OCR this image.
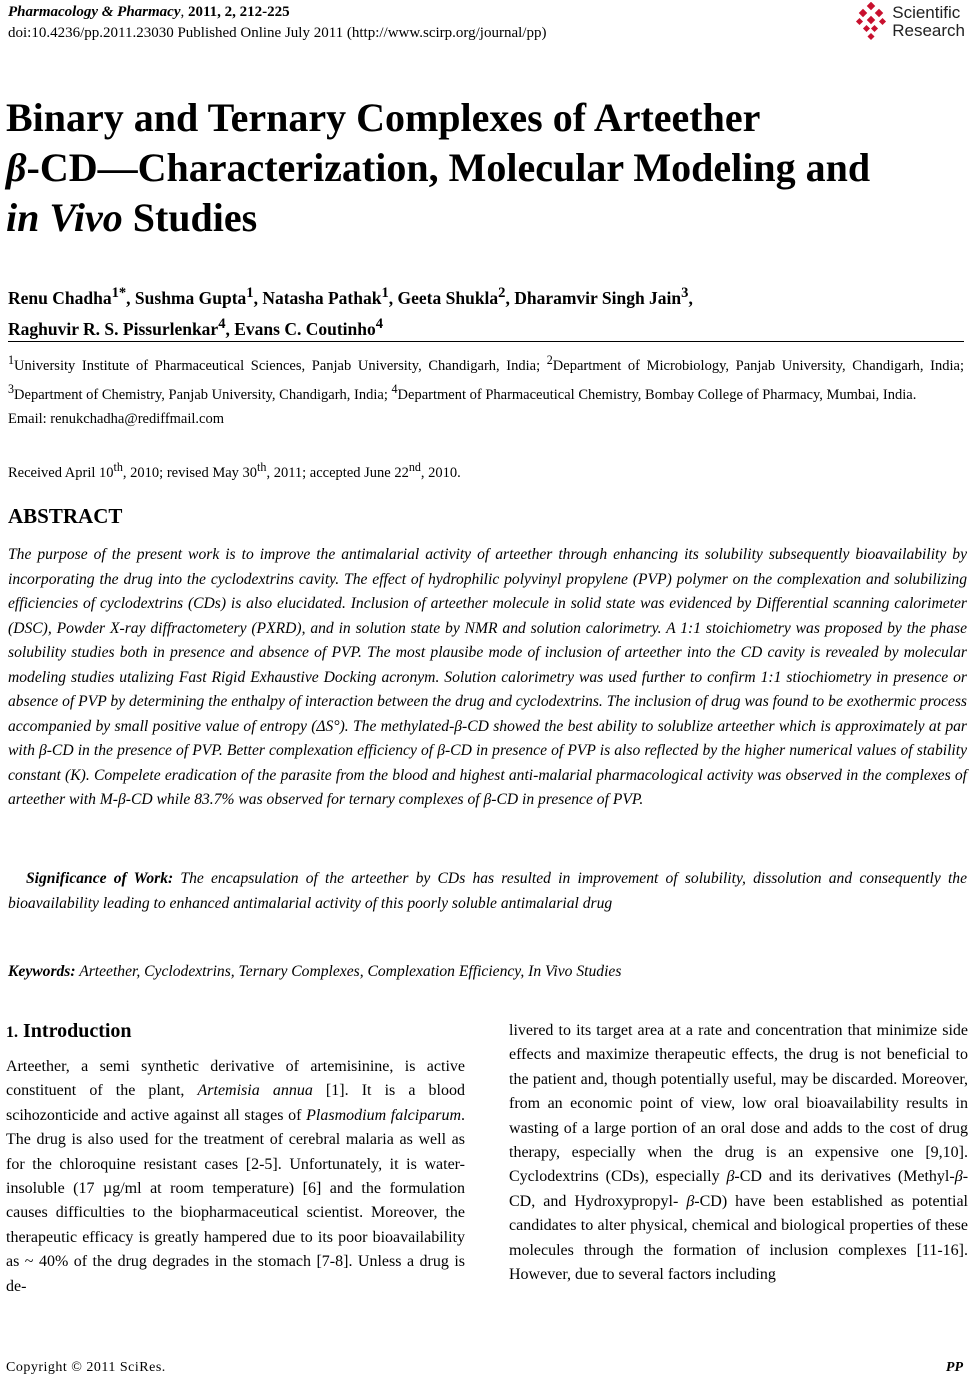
Pharmacology & Pharmacy, 2011, 2, 212-225
doi:10.4236/pp.2011.23030 Published Online July 2011 (http://www.scirp.org/journal/pp)
Scientific
Research
Binary and Ternary Complexes of Arteether
β-CD—Characterization, Molecular Modeling and
in Vivo Studies
Renu Chadha$^{1*}$, Sushma Gupta$^1$, Natasha Pathak$^1$, Geeta Shukla$^2$, Dharamvir Singh Jain$^3$,
Raghuvir R. S. Pissurlenkar$^4$, Evans C. Coutinho$^4$
$^1$University Institute of Pharmaceutical Sciences, Panjab University, Chandigarh, India; $^2$Department of Microbiology, Panjab University, Chandigarh, India; $^3$Department of Chemistry, Panjab University, Chandigarh, India; $^4$Department of Pharmaceutical Chemistry, Bombay College of Pharmacy, Mumbai, India.
Email: renukchadha@rediffmail.com
Received April 10th, 2010; revised May 30th, 2011; accepted June 22nd, 2010.
ABSTRACT
The purpose of the present work is to improve the antimalarial activity of arteether through enhancing its solubility subsequently bioavailability by incorporating the drug into the cyclodextrins cavity. The effect of hydrophilic polyvinyl propylene (PVP) polymer on the complexation and solubilizing efficiencies of cyclodextrins (CDs) is also elucidated. Inclusion of arteether molecule in solid state was evidenced by Differential scanning calorimeter (DSC), Powder X-ray diffractometery (PXRD), and in solution state by NMR and solution calorimetry. A 1:1 stoichiometry was proposed by the phase solubility studies both in presence and absence of PVP. The most plausibe mode of inclusion of arteether into the CD cavity is revealed by molecular modeling studies utalizing Fast Rigid Exhaustive Docking acronym. Solution calorimetry was used further to confirm 1:1 stiochiometry in presence or absence of PVP by determining the enthalpy of interaction between the drug and cyclodextrins. The inclusion of drug was found to be exothermic process accompanied by small positive value of entropy (ΔS°). The methylated-β-CD showed the best ability to solublize arteether which is approximately at par with β-CD in the presence of PVP. Better complexation efficiency of β-CD in presence of PVP is also reflected by the higher numerical values of stability constant (K). Compelete eradication of the parasite from the blood and highest anti-malarial pharmacological activity was observed in the complexes of arteether with M-β-CD while 83.7% was observed for ternary complexes of β-CD in presence of PVP.
Significance of Work: The encapsulation of the arteether by CDs has resulted in improvement of solubility, dissolution and consequently the bioavailability leading to enhanced antimalarial activity of this poorly soluble antimalarial drug
Keywords: Arteether, Cyclodextrins, Ternary Complexes, Complexation Efficiency, In Vivo Studies
1. Introduction
Arteether, a semi synthetic derivative of artemisinine, is active constituent of the plant, Artemisia annua [1]. It is a blood scihozonticide and active against all stages of Plasmodium falciparum. The drug is also used for the treatment of cerebral malaria as well as for the chloroquine resistant cases [2-5]. Unfortunately, it is water-insoluble (17 µg/ml at room temperature) [6] and the formulation causes difficulties to the biopharmaceutical scientist. Moreover, the therapeutic efficacy is greatly hampered due to its poor bioavailability as ~ 40% of the drug degrades in the stomach [7-8]. Unless a drug is de-
livered to its target area at a rate and concentration that minimize side effects and maximize therapeutic effects, the drug is not beneficial to the patient and, though potentially useful, may be discarded. Moreover, from an economic point of view, low oral bioavailability results in wasting of a large portion of an oral dose and adds to the cost of drug therapy, especially when the drug is an expensive one [9,10]. Cyclodextrins (CDs), especially β-CD and its derivatives (Methyl-β-CD, and Hydroxypropyl- β-CD) have been established as potential candidates to alter physical, chemical and biological properties of these molecules through the formation of inclusion complexes [11-16]. However, due to several factors including
Copyright © 2011 SciRes.	PP
